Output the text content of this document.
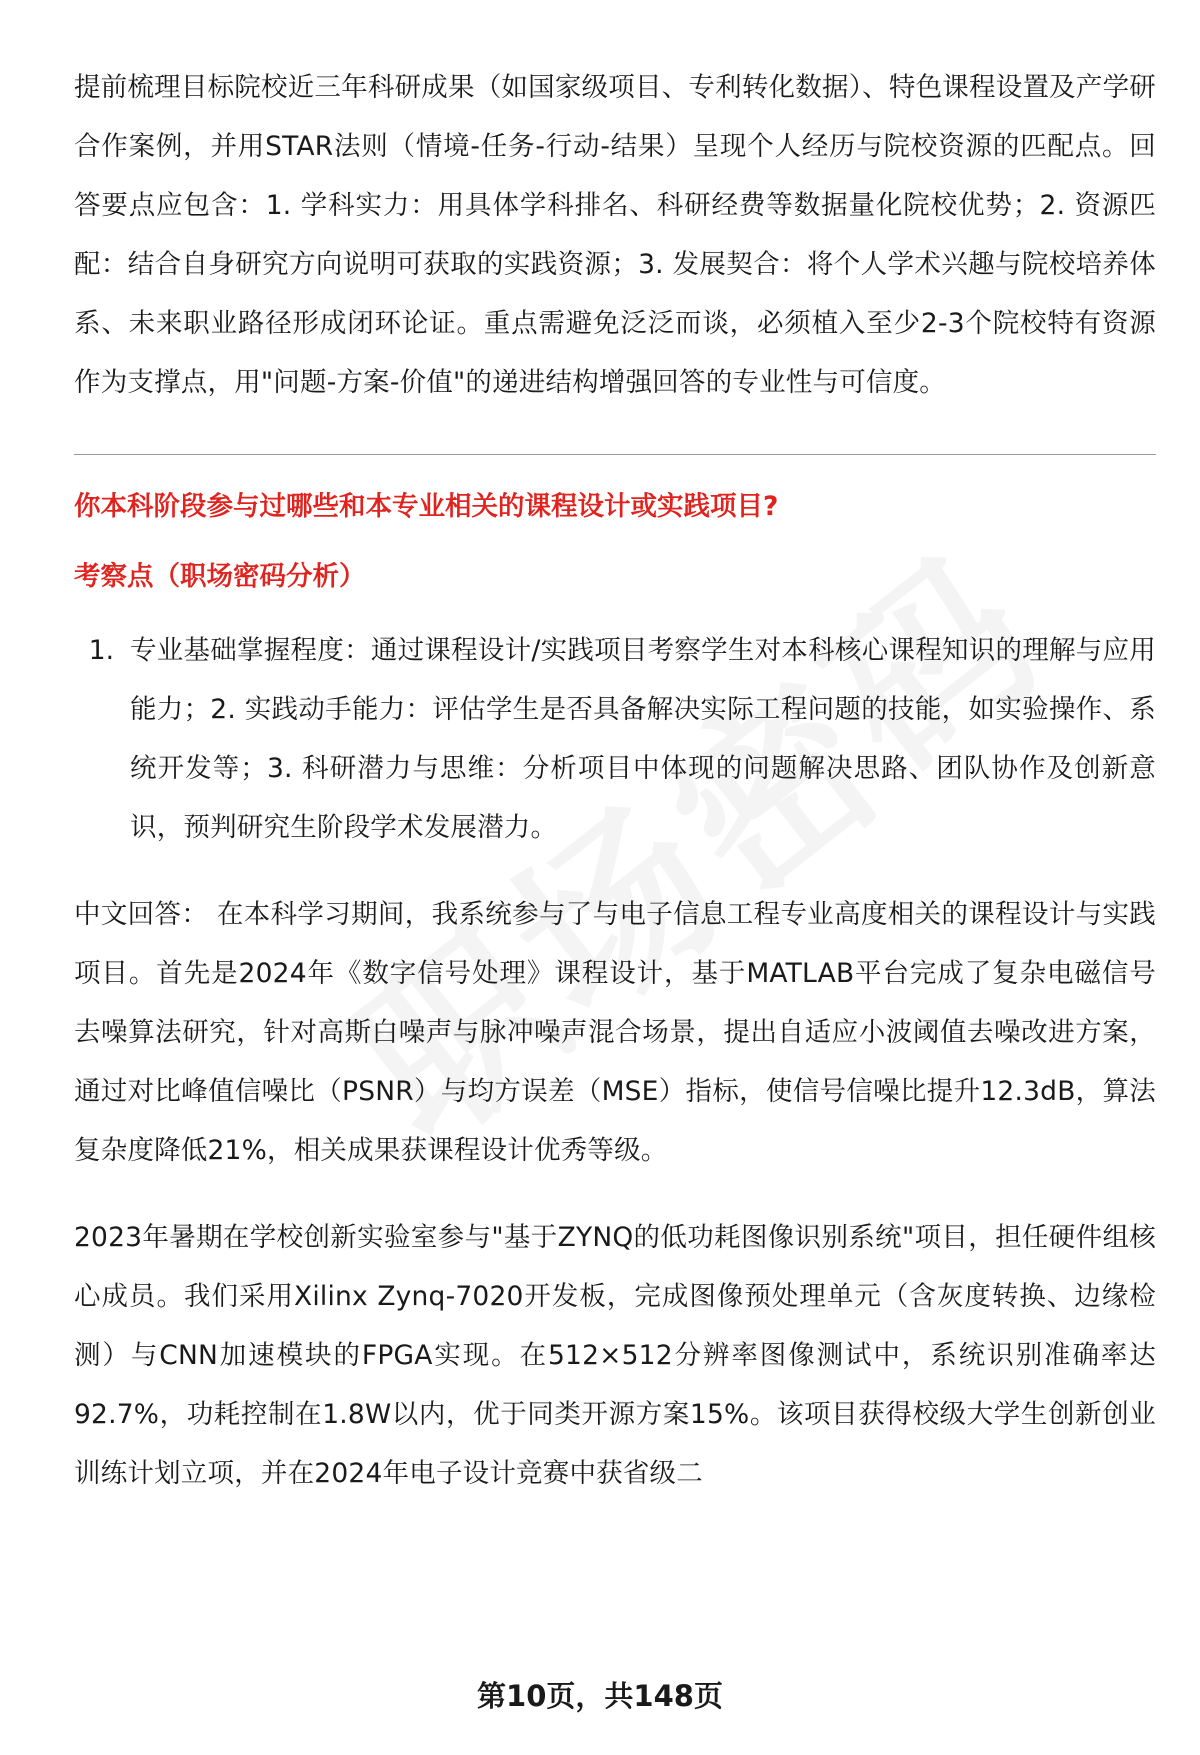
提前梳理目标院校近三年科研成果（如国家级项目、专利转化数据）、特色课程设置及产学研合作案例，并用STAR法则（情境-任务-行动-结果）呈现个人经历与院校资源的匹配点。回答要点应包含：1. 学科实力：用具体学科排名、科研经费等数据量化院校优势；2. 资源匹配：结合自身研究方向说明可获取的实践资源；3. 发展契合：将个人学术兴趣与院校培养体系、未来职业路径形成闭环论证。重点需避免泛泛而谈，必须植入至少2-3个院校特有资源作为支撑点，用"问题-方案-价值"的递进结构增强回答的专业性与可信度。

你本科阶段参与过哪些和本专业相关的课程设计或实践项目?
考察点（职场密码分析）
1. 专业基础掌握程度：通过课程设计/实践项目考察学生对本科核心课程知识的理解与应用能力；2. 实践动手能力：评估学生是否具备解决实际工程问题的技能，如实验操作、系统开发等；3. 科研潜力与思维：分析项目中体现的问题解决思路、团队协作及创新意识，预判研究生阶段学术发展潜力。

中文回答： 在本科学习期间，我系统参与了与电子信息工程专业高度相关的课程设计与实践项目。首先是2024年《数字信号处理》课程设计，基于MATLAB平台完成了复杂电磁信号去噪算法研究，针对高斯白噪声与脉冲噪声混合场景，提出自适应小波阈值去噪改进方案，通过对比峰值信噪比（PSNR）与均方误差（MSE）指标，使信号信噪比提升12.3dB，算法复杂度降低21%，相关成果获课程设计优秀等级。

2023年暑期在学校创新实验室参与"基于ZYNQ的低功耗图像识别系统"项目，担任硬件组核心成员。我们采用Xilinx Zynq-7020开发板，完成图像预处理单元（含灰度转换、边缘检测）与CNN加速模块的FPGA实现。在512×512分辨率图像测试中，系统识别准确率达92.7%，功耗控制在1.8W以内，优于同类开源方案15%。该项目获得校级大学生创新创业训练计划立项，并在2024年电子设计竞赛中获省级二

第10页，共148页
